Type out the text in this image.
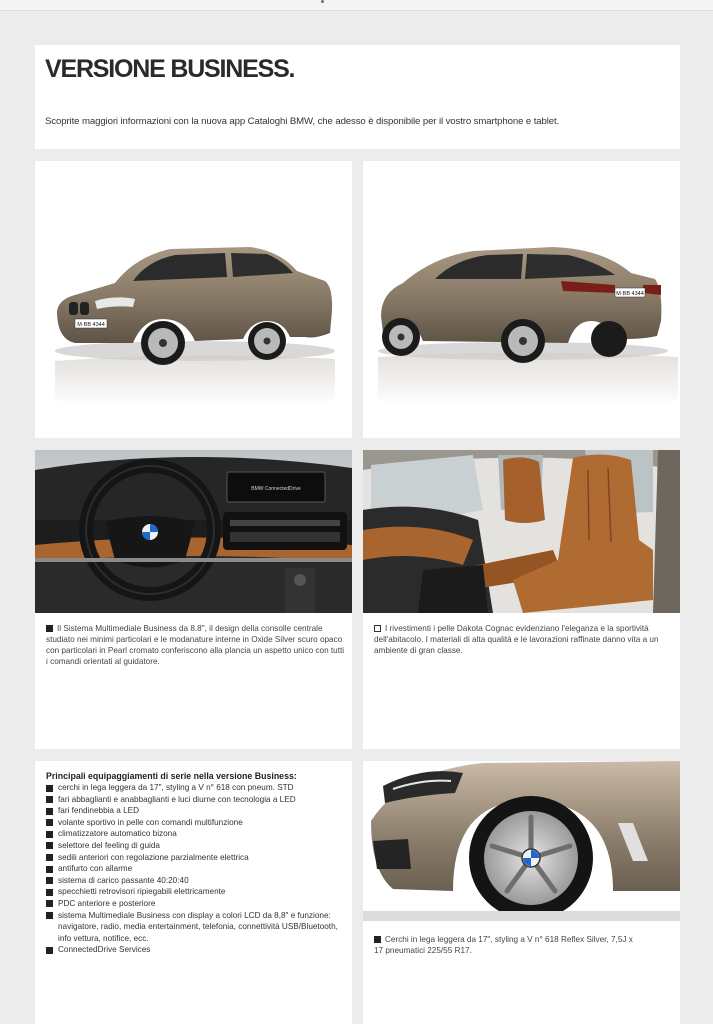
VERSIONE BUSINESS.

Scoprite maggiori informazioni con la nuova app Cataloghi BMW, che adesso è disponibile per il vostro smartphone e tablet.

M·BB 4344
M·BB 4344
BMW ConnectedDrive
Il Sistema Multimediale Business da 8.8", il design della consolle centrale studiato nei minimi particolari e le modanature interne in Oxide Silver scuro opaco con particolari in Pearl cromato conferiscono alla plancia un aspetto unico con tutti i comandi orientati al guidatore.
I rivestimenti i pelle Dakota Cognac evidenziano l'eleganza e la sportività dell'abitacolo. I materiali di alta qualità e le lavorazioni raffinate danno vita a un ambiente di gran classe.
Principali equipaggiamenti di serie nella versione Business:
cerchi in lega leggera da 17", styling a V n° 618 con pneum. STD
fari abbaglianti e anabbaglianti e luci diurne con tecnologia a LED
fari fendinebbia a LED
volante sportivo in pelle con comandi multifunzione
climatizzatore automatico bizona
selettore del feeling di guida
sedili anteriori con regolazione parzialmente elettrica
antifurto con allarme
sistema di carico passante 40:20:40
specchietti retrovisori ripiegabili elettricamente
PDC anteriore e posteriore
sistema Multimediale Business con display a colori LCD da 8,8" e funzione: navigatore, radio, media entertainment, telefonia, connettività USB/Bluetooth, info vettura, notifice, ecc.
ConnectedDrive Services
Cerchi in lega leggera da 17", styling a V n° 618 Reflex Silver, 7,5J x 17 pneumatici 225/55 R17.
